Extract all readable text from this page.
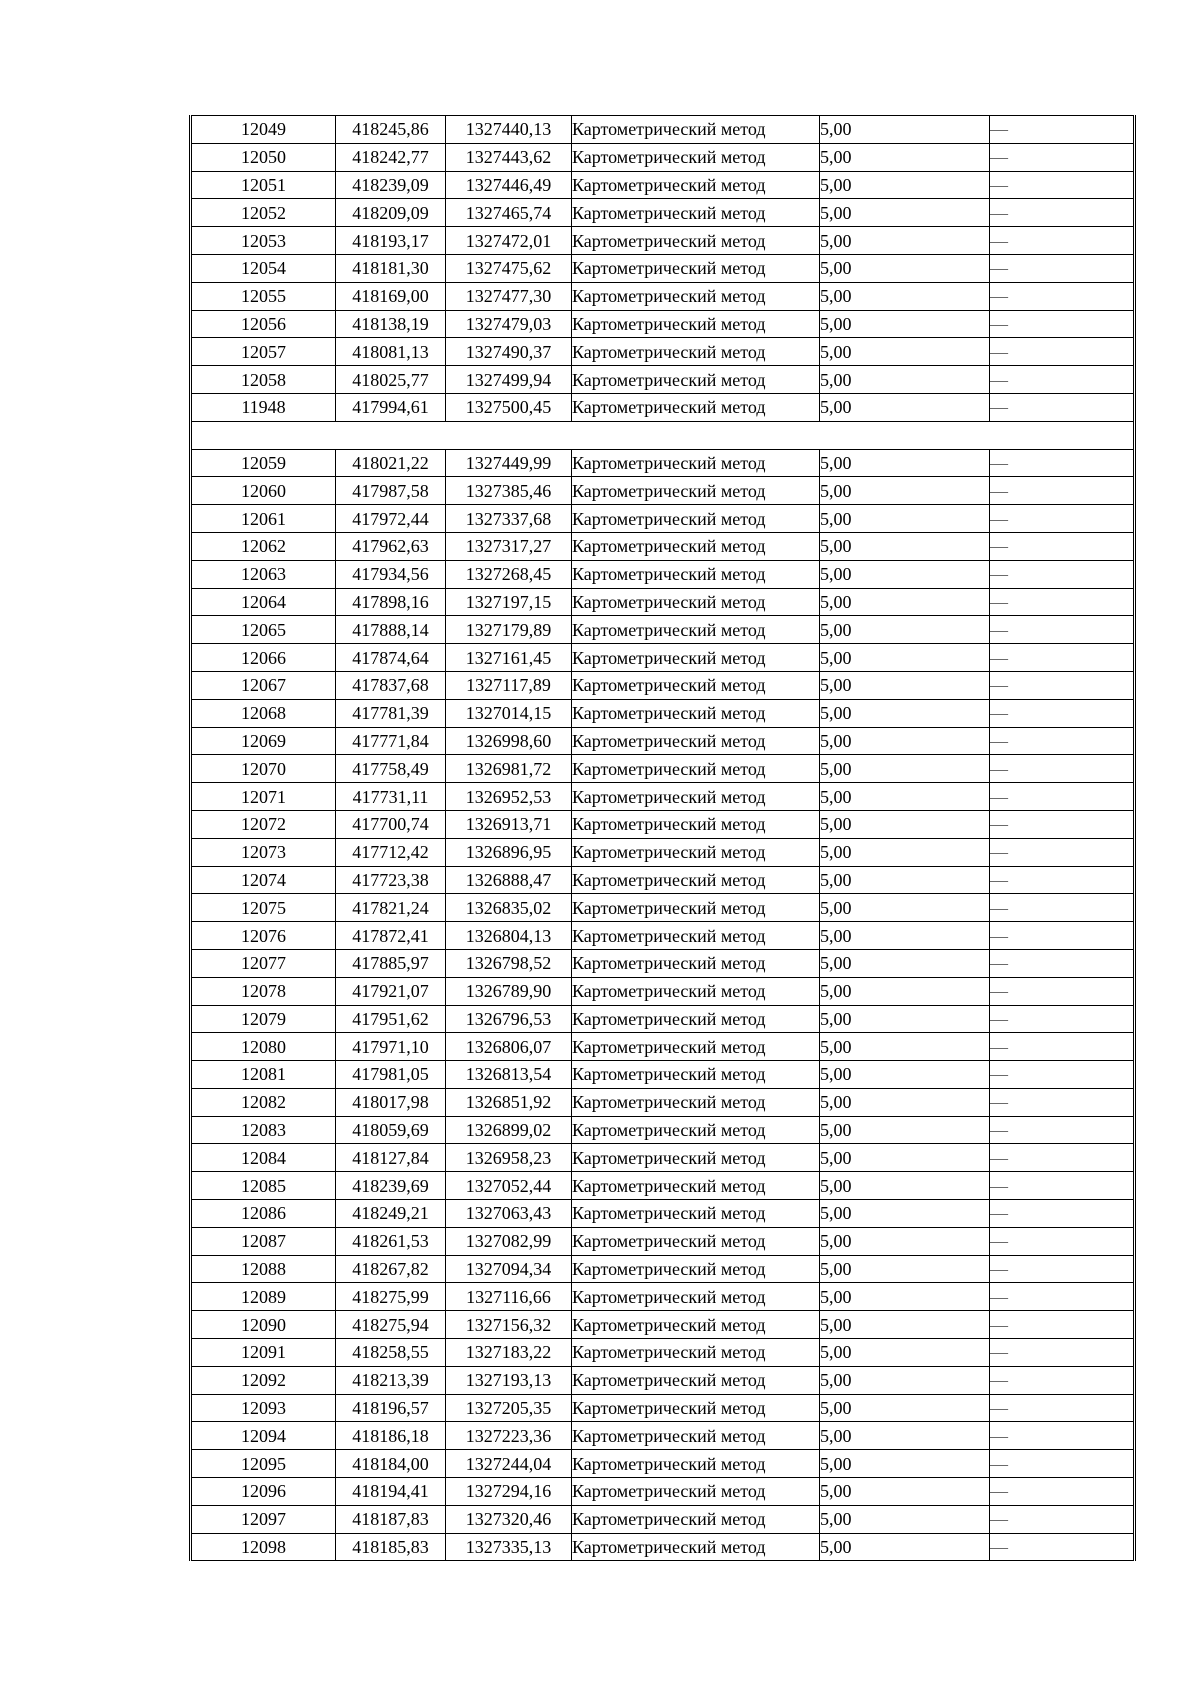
12049	418245,86	1327440,13	Картометрический метод	5,00	—
12050	418242,77	1327443,62	Картометрический метод	5,00	—
12051	418239,09	1327446,49	Картометрический метод	5,00	—
12052	418209,09	1327465,74	Картометрический метод	5,00	—
12053	418193,17	1327472,01	Картометрический метод	5,00	—
12054	418181,30	1327475,62	Картометрический метод	5,00	—
12055	418169,00	1327477,30	Картометрический метод	5,00	—
12056	418138,19	1327479,03	Картометрический метод	5,00	—
12057	418081,13	1327490,37	Картометрический метод	5,00	—
12058	418025,77	1327499,94	Картометрический метод	5,00	—
11948	417994,61	1327500,45	Картометрический метод	5,00	—

12059	418021,22	1327449,99	Картометрический метод	5,00	—
12060	417987,58	1327385,46	Картометрический метод	5,00	—
12061	417972,44	1327337,68	Картометрический метод	5,00	—
12062	417962,63	1327317,27	Картометрический метод	5,00	—
12063	417934,56	1327268,45	Картометрический метод	5,00	—
12064	417898,16	1327197,15	Картометрический метод	5,00	—
12065	417888,14	1327179,89	Картометрический метод	5,00	—
12066	417874,64	1327161,45	Картометрический метод	5,00	—
12067	417837,68	1327117,89	Картометрический метод	5,00	—
12068	417781,39	1327014,15	Картометрический метод	5,00	—
12069	417771,84	1326998,60	Картометрический метод	5,00	—
12070	417758,49	1326981,72	Картометрический метод	5,00	—
12071	417731,11	1326952,53	Картометрический метод	5,00	—
12072	417700,74	1326913,71	Картометрический метод	5,00	—
12073	417712,42	1326896,95	Картометрический метод	5,00	—
12074	417723,38	1326888,47	Картометрический метод	5,00	—
12075	417821,24	1326835,02	Картометрический метод	5,00	—
12076	417872,41	1326804,13	Картометрический метод	5,00	—
12077	417885,97	1326798,52	Картометрический метод	5,00	—
12078	417921,07	1326789,90	Картометрический метод	5,00	—
12079	417951,62	1326796,53	Картометрический метод	5,00	—
12080	417971,10	1326806,07	Картометрический метод	5,00	—
12081	417981,05	1326813,54	Картометрический метод	5,00	—
12082	418017,98	1326851,92	Картометрический метод	5,00	—
12083	418059,69	1326899,02	Картометрический метод	5,00	—
12084	418127,84	1326958,23	Картометрический метод	5,00	—
12085	418239,69	1327052,44	Картометрический метод	5,00	—
12086	418249,21	1327063,43	Картометрический метод	5,00	—
12087	418261,53	1327082,99	Картометрический метод	5,00	—
12088	418267,82	1327094,34	Картометрический метод	5,00	—
12089	418275,99	1327116,66	Картометрический метод	5,00	—
12090	418275,94	1327156,32	Картометрический метод	5,00	—
12091	418258,55	1327183,22	Картометрический метод	5,00	—
12092	418213,39	1327193,13	Картометрический метод	5,00	—
12093	418196,57	1327205,35	Картометрический метод	5,00	—
12094	418186,18	1327223,36	Картометрический метод	5,00	—
12095	418184,00	1327244,04	Картометрический метод	5,00	—
12096	418194,41	1327294,16	Картометрический метод	5,00	—
12097	418187,83	1327320,46	Картометрический метод	5,00	—
12098	418185,83	1327335,13	Картометрический метод	5,00	—
